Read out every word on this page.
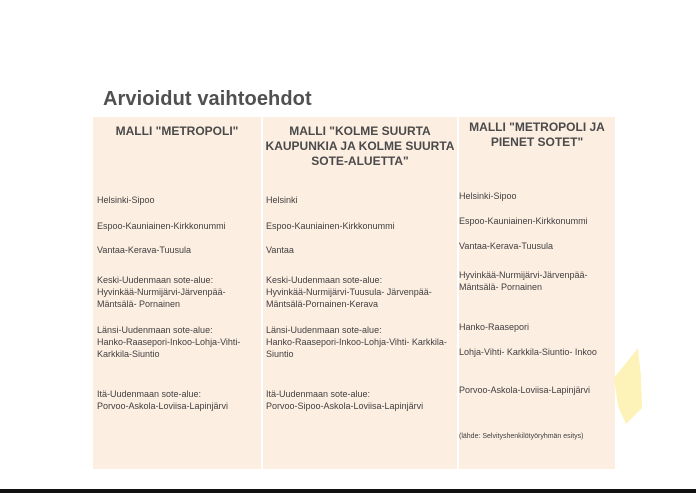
Arvioidut vaihtoehdot
MALLI "METROPOLI"
Helsinki-Sipoo
Espoo-Kauniainen-Kirkkonummi
Vantaa-Kerava-Tuusula
Keski-Uudenmaan sote-alue:
Hyvinkää-Nurmijärvi-Järvenpää-
Mäntsälä- Pornainen
Länsi-Uudenmaan sote-alue:
Hanko-Raasepori-Inkoo-Lohja-Vihti-
Karkkila-Siuntio
Itä-Uudenmaan sote-alue:
Porvoo-Askola-Loviisa-Lapinjärvi
MALLI "KOLME SUURTA KAUPUNKIA JA KOLME SUURTA SOTE-ALUETTA"
Helsinki
Espoo-Kauniainen-Kirkkonummi
Vantaa
Keski-Uudenmaan sote-alue:
Hyvinkää-Nurmijärvi-Tuusula- Järvenpää-
Mäntsälä-Pornainen-Kerava
Länsi-Uudenmaan sote-alue:
Hanko-Raasepori-Inkoo-Lohja-Vihti- Karkkila-
Siuntio
Itä-Uudenmaan sote-alue:
Porvoo-Sipoo-Askola-Loviisa-Lapinjärvi
MALLI "METROPOLI JA PIENET SOTET"
Helsinki-Sipoo
Espoo-Kauniainen-Kirkkonummi
Vantaa-Kerava-Tuusula
Hyvinkää-Nurmijärvi-Järvenpää-
Mäntsälä- Pornainen
Hanko-Raasepori
Lohja-Vihti- Karkkila-Siuntio- Inkoo
Porvoo-Askola-Loviisa-Lapinjärvi
(lähde: Selvityshenkilötyöryhmän esitys)
